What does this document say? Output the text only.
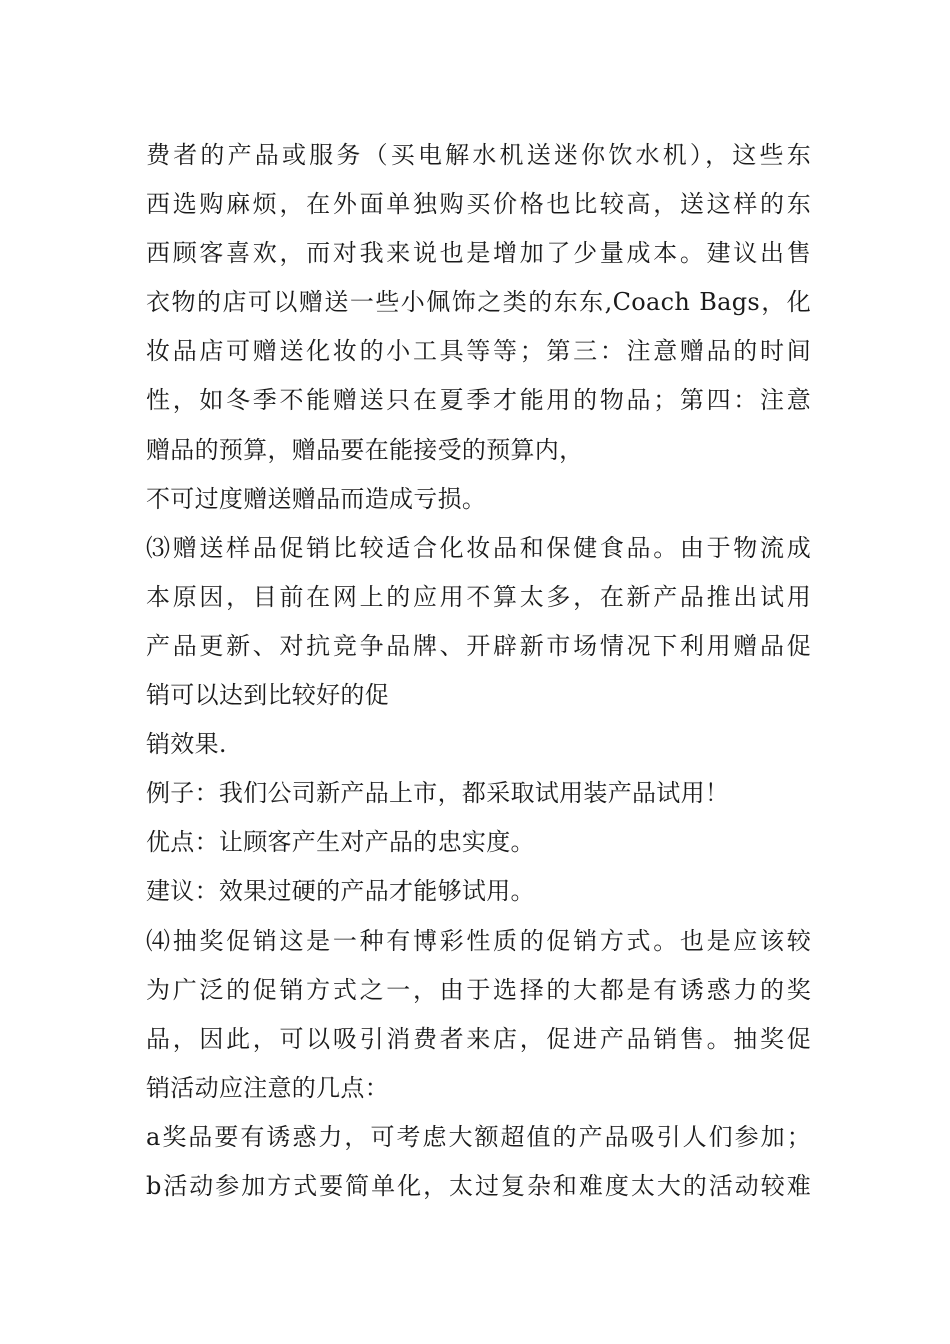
费者的产品或服务（买电解水机送迷你饮水机），这些东
西选购麻烦，在外面单独购买价格也比较高，送这样的东
西顾客喜欢，而对我来说也是增加了少量成本。建议出售
衣物的店可以赠送一些小佩饰之类的东东,Coach Bags，化
妆品店可赠送化妆的小工具等等；第三：注意赠品的时间
性，如冬季不能赠送只在夏季才能用的物品；第四：注意
赠品的预算，赠品要在能接受的预算内，
不可过度赠送赠品而造成亏损。
⑶赠送样品促销比较适合化妆品和保健食品。由于物流成
本原因，目前在网上的应用不算太多，在新产品推出试用
产品更新、对抗竞争品牌、开辟新市场情况下利用赠品促
销可以达到比较好的促
销效果.
例子：我们公司新产品上市，都采取试用装产品试用！
优点：让顾客产生对产品的忠实度。
建议：效果过硬的产品才能够试用。
⑷抽奖促销这是一种有博彩性质的促销方式。也是应该较
为广泛的促销方式之一，由于选择的大都是有诱惑力的奖
品，因此，可以吸引消费者来店，促进产品销售。抽奖促
销活动应注意的几点：
a奖品要有诱惑力，可考虑大额超值的产品吸引人们参加；
b活动参加方式要简单化，太过复杂和难度太大的活动较难
